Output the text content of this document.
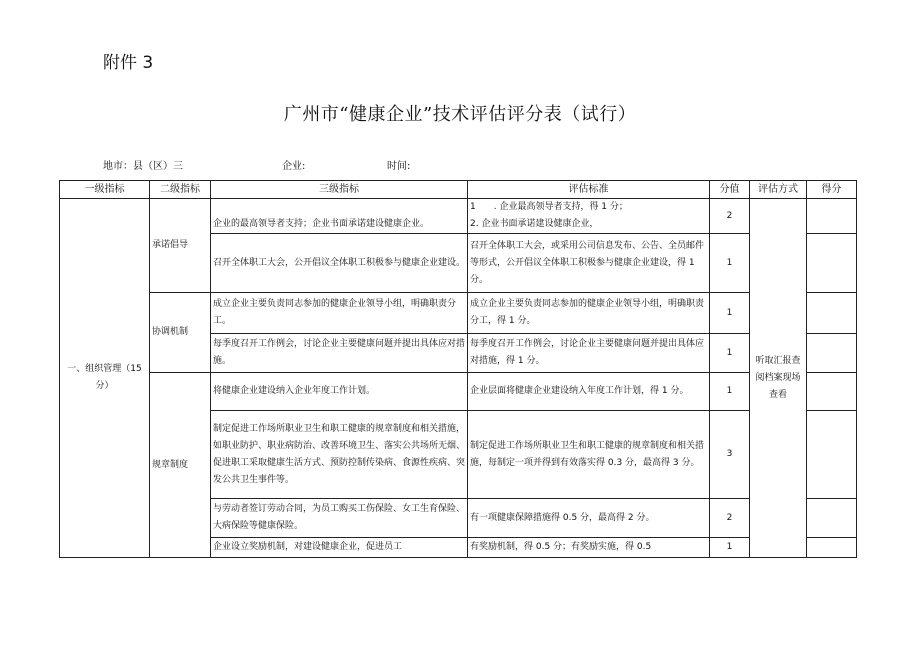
附件 3
广州市“健康企业”技术评估评分表（试行）
地市：县（区）三	企业:	时间:
一级指标	二级指标	三级指标	评估标准	分值	评估方式	得分
一、组织管理（15分）	承诺倡导	企业的最高领导者支持；企业书面承诺建设健康企业。	1　　. 企业最高领导者支持，得 1 分；
2. 企业书面承诺建设健康企业，	2	听取汇报查阅档案现场查看	
		召开全体职工大会，公开倡议全体职工积极参与健康企业建设。	召开全体职工大会，或采用公司信息发布、公告、全员邮件等形式，公开倡议全体职工积极参与健康企业建设，得 1 分。	1		
	协调机制	成立企业主要负责同志参加的健康企业领导小组，明确职责分工。	成立企业主要负责同志参加的健康企业领导小组，明确职责分工，得 1 分。	1		
		每季度召开工作例会，讨论企业主要健康问题并提出具体应对措施。	每季度召开工作例会，讨论企业主要健康问题并提出具体应对措施，得 1 分。	1		
	规章制度	将健康企业建设纳入企业年度工作计划。	企业层面将健康企业建设纳入年度工作计划，得 1 分。	1		
		制定促进工作场所职业卫生和职工健康的规章制度和相关措施，如职业防护、职业病防治、改善环境卫生、落实公共场所无烟、促进职工采取健康生活方式、预防控制传染病、食源性疾病、突发公共卫生事件等。	制定促进工作场所职业卫生和职工健康的规章制度和相关措施，每制定一项并得到有效落实得 0.3 分，最高得 3 分。	3		
		与劳动者签订劳动合同，为员工购买工伤保险、女工生育保险、大病保险等健康保险。	有一项健康保障措施得 0.5 分，最高得 2 分。	2		
		企业设立奖励机制，对建设健康企业，促进员工	有奖励机制，得 0.5 分；有奖励实施，得 0.5	1		
